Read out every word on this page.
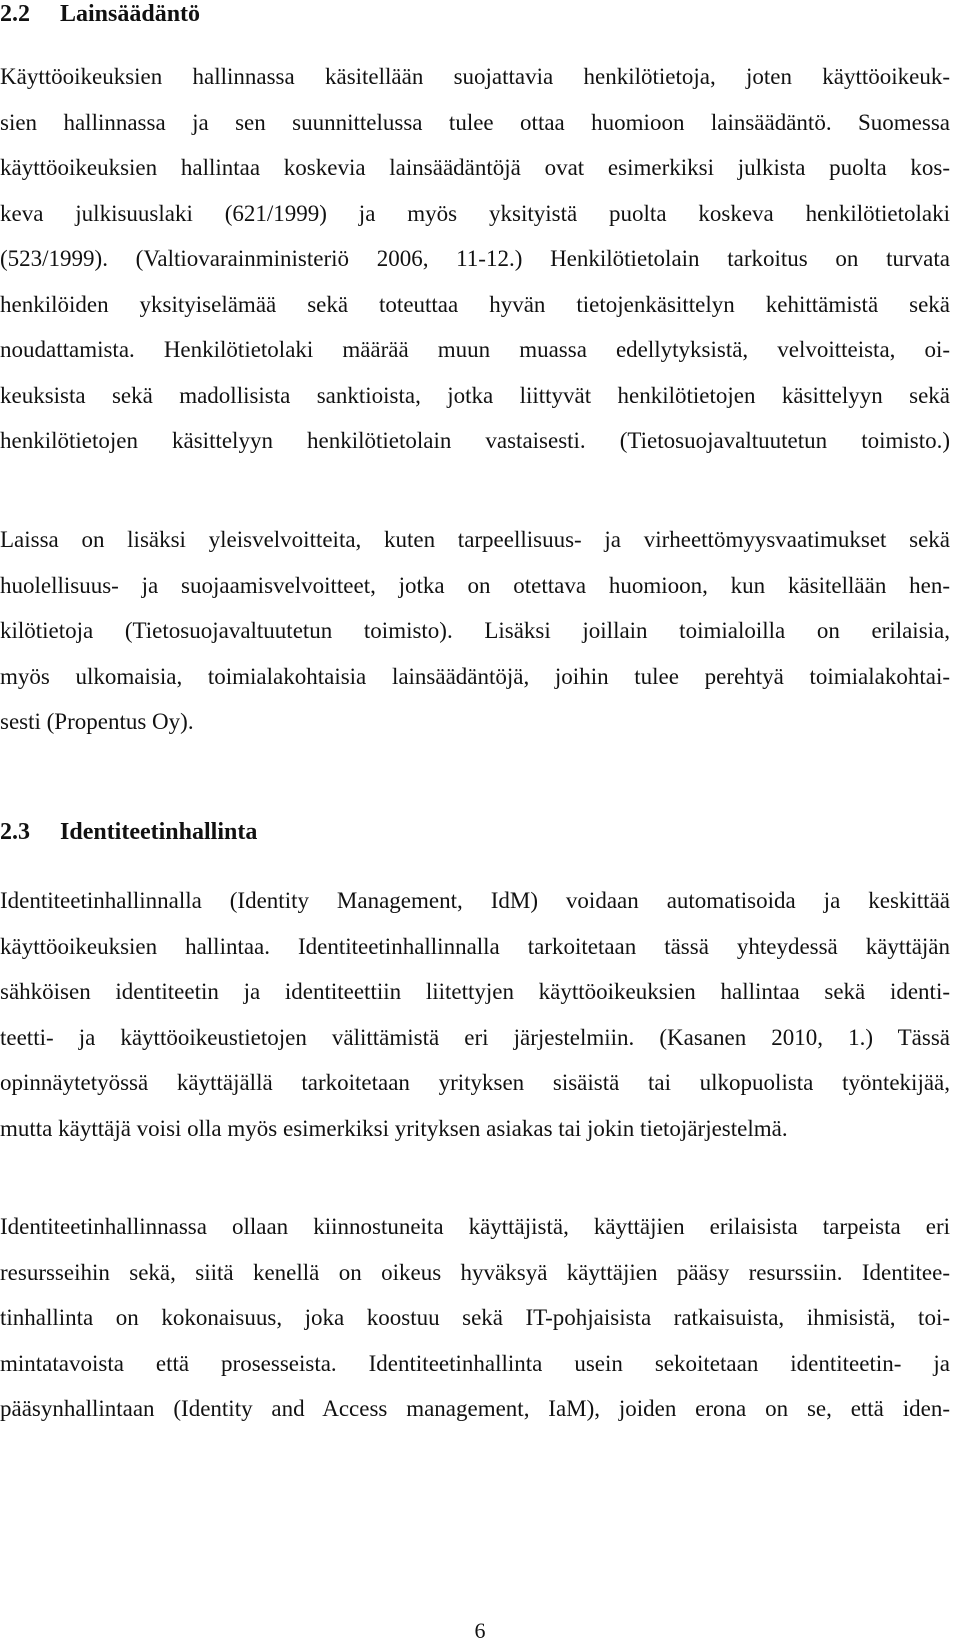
2.2 Lainsäädäntö
Käyttöoikeuksien hallinnassa käsitellään suojattavia henkilötietoja, joten käyttöoikeuk-
sien hallinnassa ja sen suunnittelussa tulee ottaa huomioon lainsäädäntö. Suomessa
käyttöoikeuksien hallintaa koskevia lainsäädäntöjä ovat esimerkiksi julkista puolta kos-
keva julkisuuslaki (621/1999) ja myös yksityistä puolta koskeva henkilötietolaki
(523/1999). (Valtiovarainministeriö 2006, 11-12.) Henkilötietolain tarkoitus on turvata
henkilöiden yksityiselämää sekä toteuttaa hyvän tietojenkäsittelyn kehittämistä sekä
noudattamista. Henkilötietolaki määrää muun muassa edellytyksistä, velvoitteista, oi-
keuksista sekä madollisista sanktioista, jotka liittyvät henkilötietojen käsittelyyn sekä
henkilötietojen käsittelyyn henkilötietolain vastaisesti. (Tietosuojavaltuutetun toimisto.)
Laissa on lisäksi yleisvelvoitteita, kuten tarpeellisuus- ja virheettömyysvaatimukset sekä
huolellisuus- ja suojaamisvelvoitteet, jotka on otettava huomioon, kun käsitellään hen-
kilötietoja (Tietosuojavaltuutetun toimisto). Lisäksi joillain toimialoilla on erilaisia,
myös ulkomaisia, toimialakohtaisia lainsäädäntöjä, joihin tulee perehtyä toimialakohtai-
sesti (Propentus Oy).
2.3 Identiteetinhallinta
Identiteetinhallinnalla (Identity Management, IdM) voidaan automatisoida ja keskittää
käyttöoikeuksien hallintaa. Identiteetinhallinnalla tarkoitetaan tässä yhteydessä käyttäjän
sähköisen identiteetin ja identiteettiin liitettyjen käyttöoikeuksien hallintaa sekä identi-
teetti- ja käyttöoikeustietojen välittämistä eri järjestelmiin. (Kasanen 2010, 1.) Tässä
opinnäytetyössä käyttäjällä tarkoitetaan yrityksen sisäistä tai ulkopuolista työntekijää,
mutta käyttäjä voisi olla myös esimerkiksi yrityksen asiakas tai jokin tietojärjestelmä.
Identiteetinhallinnassa ollaan kiinnostuneita käyttäjistä, käyttäjien erilaisista tarpeista eri
resursseihin sekä, siitä kenellä on oikeus hyväksyä käyttäjien pääsy resurssiin. Identitee-
tinhallinta on kokonaisuus, joka koostuu sekä IT-pohjaisista ratkaisuista, ihmisistä, toi-
mintatavoista että prosesseista. Identiteetinhallinta usein sekoitetaan identiteetin- ja
pääsynhallintaan (Identity and Access management, IaM), joiden erona on se, että iden-
6
